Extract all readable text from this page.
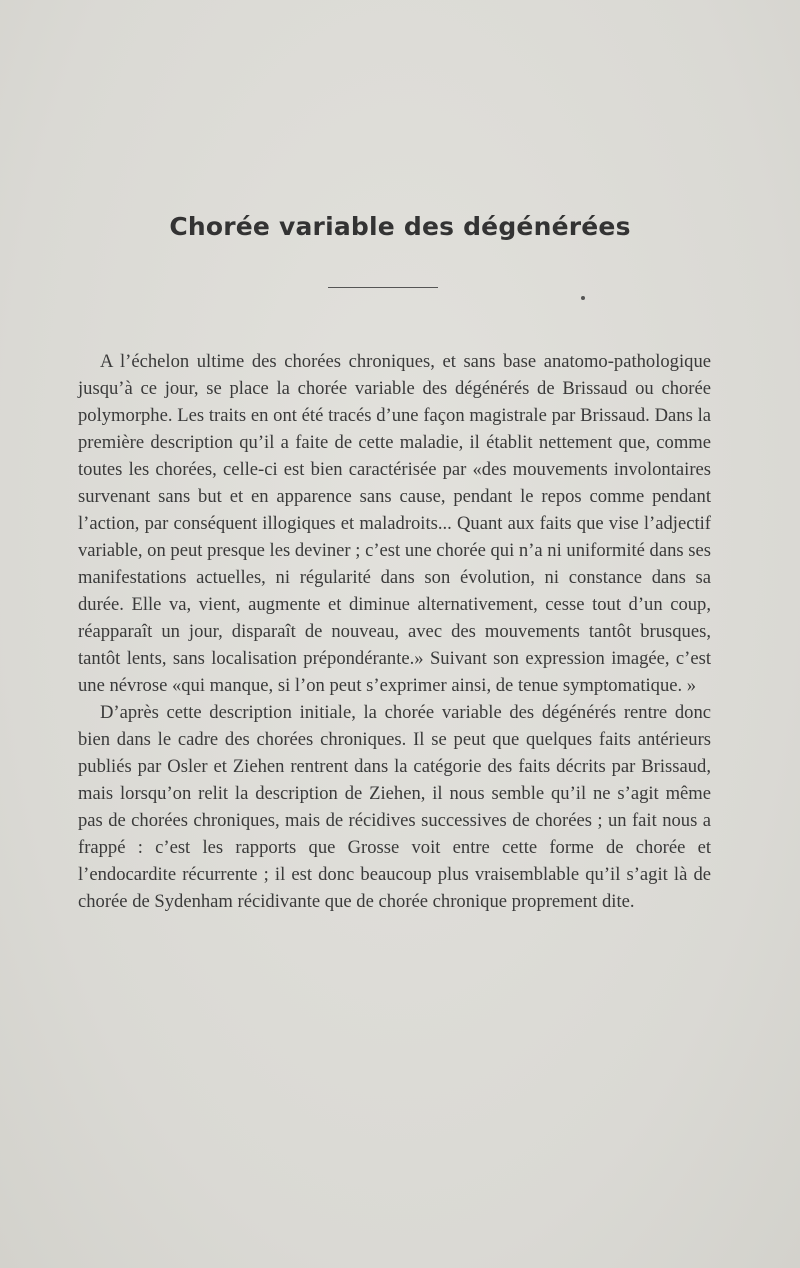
Chorée variable des dégénérées

A l’échelon ultime des chorées chroniques, et sans base anatomo-pathologique jusqu’à ce jour, se place la chorée variable des dégénérés de Brissaud ou chorée polymorphe. Les traits en ont été tracés d’une façon magistrale par Brissaud. Dans la première description qu’il a faite de cette maladie, il établit nettement que, comme toutes les chorées, celle-ci est bien caractérisée par «des mouvements involontaires survenant sans but et en apparence sans cause, pendant le repos comme pendant l’action, par conséquent illogiques et maladroits... Quant aux faits que vise l’adjectif variable, on peut presque les deviner ; c’est une chorée qui n’a ni uniformité dans ses manifestations actuelles, ni régularité dans son évolution, ni constance dans sa durée. Elle va, vient, augmente et diminue alternativement, cesse tout d’un coup, réapparaît un jour, disparaît de nouveau, avec des mouvements tantôt brusques, tantôt lents, sans localisation prépondérante.» Suivant son expression imagée, c’est une névrose «qui manque, si l’on peut s’exprimer ainsi, de tenue symptomatique. »

D’après cette description initiale, la chorée variable des dégénérés rentre donc bien dans le cadre des chorées chroniques. Il se peut que quelques faits antérieurs publiés par Osler et Ziehen rentrent dans la catégorie des faits décrits par Brissaud, mais lorsqu’on relit la description de Ziehen, il nous semble qu’il ne s’agit même pas de chorées chroniques, mais de récidives successives de chorées ; un fait nous a frappé : c’est les rapports que Grosse voit entre cette forme de chorée et l’endocardite récurrente ; il est donc beaucoup plus vraisemblable qu’il s’agit là de chorée de Sydenham récidivante que de chorée chronique proprement dite.
